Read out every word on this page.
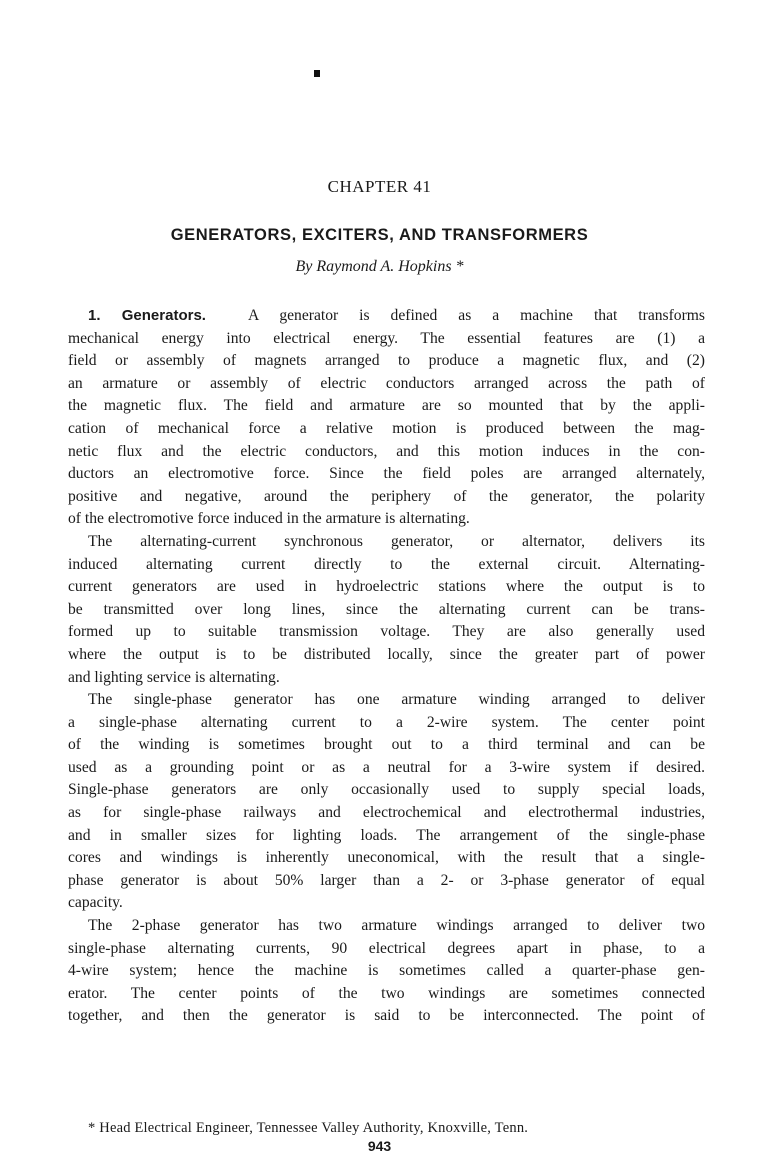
CHAPTER 41
GENERATORS, EXCITERS, AND TRANSFORMERS
By Raymond A. Hopkins *
1. Generators.	A generator is defined as a machine that transforms
mechanical energy into electrical energy. The essential features are (1) a
field or assembly of magnets arranged to produce a magnetic flux, and (2)
an armature or assembly of electric conductors arranged across the path of
the magnetic flux. The field and armature are so mounted that by the appli-
cation of mechanical force a relative motion is produced between the mag-
netic flux and the electric conductors, and this motion induces in the con-
ductors an electromotive force. Since the field poles are arranged alternately,
positive and negative, around the periphery of the generator, the polarity
of the electromotive force induced in the armature is alternating.
The alternating-current synchronous generator, or alternator, delivers its
induced alternating current directly to the external circuit. Alternating-
current generators are used in hydroelectric stations where the output is to
be transmitted over long lines, since the alternating current can be trans-
formed up to suitable transmission voltage. They are also generally used
where the output is to be distributed locally, since the greater part of power
and lighting service is alternating.
The single-phase generator has one armature winding arranged to deliver
a single-phase alternating current to a 2-wire system. The center point
of the winding is sometimes brought out to a third terminal and can be
used as a grounding point or as a neutral for a 3-wire system if desired.
Single-phase generators are only occasionally used to supply special loads,
as for single-phase railways and electrochemical and electrothermal industries,
and in smaller sizes for lighting loads. The arrangement of the single-phase
cores and windings is inherently uneconomical, with the result that a single-
phase generator is about 50% larger than a 2- or 3-phase generator of equal
capacity.
The 2-phase generator has two armature windings arranged to deliver two
single-phase alternating currents, 90 electrical degrees apart in phase, to a
4-wire system; hence the machine is sometimes called a quarter-phase gen-
erator. The center points of the two windings are sometimes connected
together, and then the generator is said to be interconnected. The point of
* Head Electrical Engineer, Tennessee Valley Authority, Knoxville, Tenn.
943
